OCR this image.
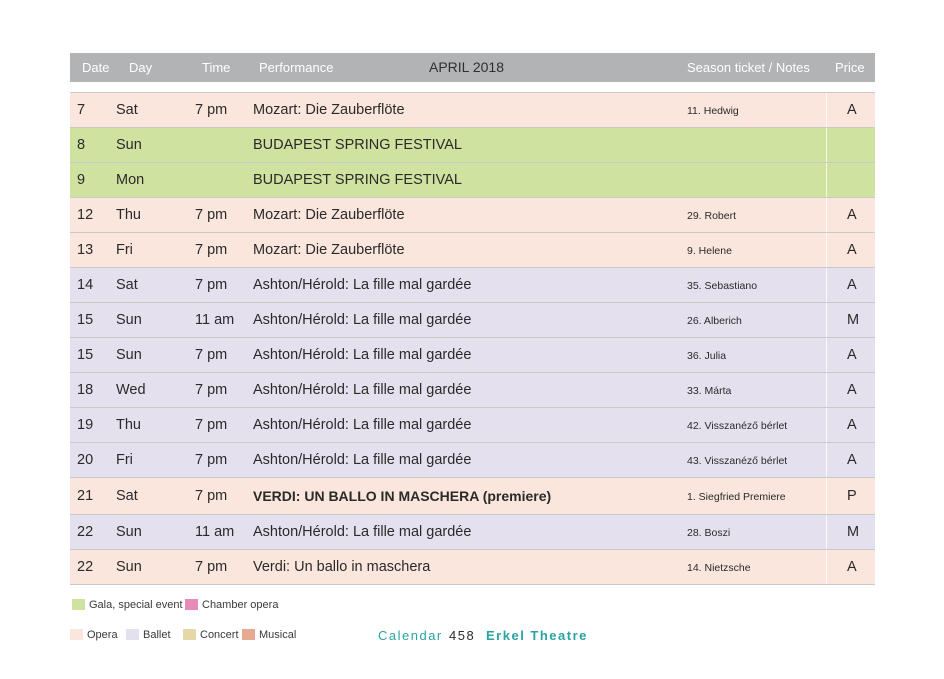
Date Day	Time Performance	APRIL 2018	Season ticket / Notes Price
7 Sat	7 pm Mozart: Die Zauberflöte	11. Hedwig	A
8 Sun	BUDAPEST SPRING FESTIVAL
9 Mon	BUDAPEST SPRING FESTIVAL
12 Thu	7 pm Mozart: Die Zauberflöte	29. Robert	A
13 Fri	7 pm Mozart: Die Zauberflöte	9. Helene	A
14 Sat	7 pm Ashton/Hérold: La fille mal gardée	35. Sebastiano	A
15 Sun	11 am Ashton/Hérold: La fille mal gardée	26. Alberich	M
15 Sun	7 pm Ashton/Hérold: La fille mal gardée	36. Julia	A
18 Wed	7 pm Ashton/Hérold: La fille mal gardée	33. Márta	A
19 Thu	7 pm Ashton/Hérold: La fille mal gardée	42. Visszanéző bérlet	A
20 Fri	7 pm Ashton/Hérold: La fille mal gardée	43. Visszanéző bérlet	A
21 Sat	7 pm VERDI: UN BALLO IN MASCHERA (premiere)	1. Siegfried Premiere	P
22 Sun	11 am Ashton/Hérold: La fille mal gardée	28. Boszi	M
22 Sun	7 pm Verdi: Un ballo in maschera	14. Nietzsche	A
Gala, special event Chamber opera
Opera Ballet	Concert Musical	Calendar 458 Erkel Theatre
